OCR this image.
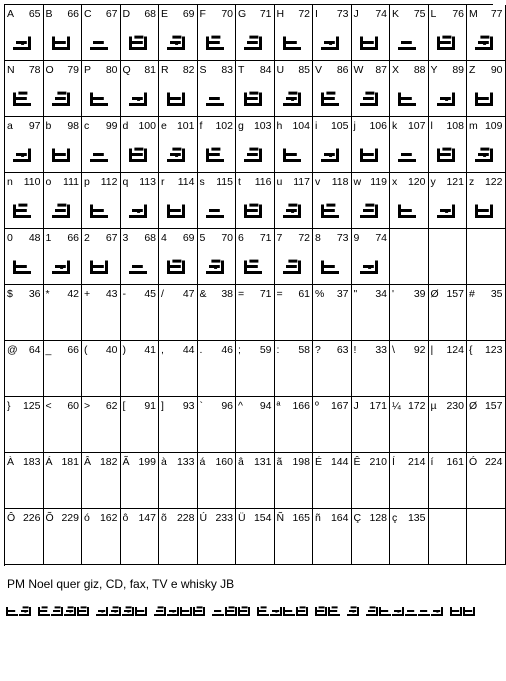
A 65 B 66 C 67 D 68 E 69 F 70 G 71 H 72 I 73 J 74 K 75 L 76 M 77
N 78 O 79 P 80 Q 81 R 82 S 83 T 84 U 85 V 86 W 87 X 88 Y 89 Z 90
a 97 b 98 c 99 d 100 e 101 f 102 g 103 h 104 i 105 j 106 k 107 l 108 m 109
n 110 o 111 p 112 q 113 r 114 s 115 t 116 u 117 v 118 w 119 x 120 y 121 z 122
0 48 1 66 2 67 3 68 4 69 5 70 6 71 7 72 8 73 9 74
$ 36 * 42 + 43 - 45 / 47 & 38 = 71 = 61 % 37 " 34 ' 39 Ø 157 # 35
@ 64 _ 66 ( 40 ) 41 , 44 . 46 ; 59 : 58 ? 63 ! 33 \ 92 | 124 { 123
} 125 < 60 > 62 [ 91 ] 93 ` 96 ^ 94 ª 166 º 167 J 171 ¼ 172 µ 230 Ø 157
À 183 Á 181 Â 182 Ã 199 à 133 á 160 â 131 ã 198 É 144 Ê 210 Í 214 í 161 Ó 224
Ô 226 Õ 229 ó 162 ô 147 õ 228 Ú 233 Ü 154 Ñ 165 ñ 164 Ç 128 ç 135
PM Noel quer giz, CD, fax, TV e whisky JB
